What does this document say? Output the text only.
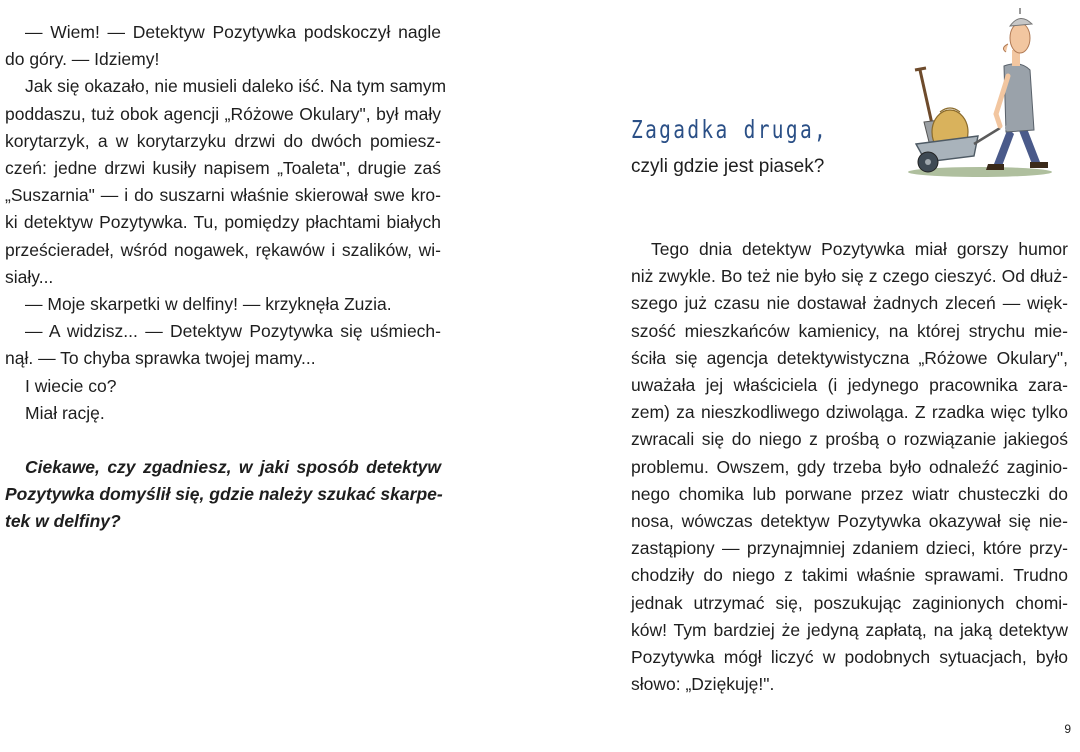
— Wiem! — Detektyw Pozytywka podskoczył nagle
do góry. — Idziemy!
Jak się okazało, nie musieli daleko iść. Na tym samym
poddaszu, tuż obok agencji „Różowe Okulary", był mały
korytarzyk, a w korytarzyku drzwi do dwóch pomiesz-
czeń: jedne drzwi kusiły napisem „Toaleta", drugie zaś
„Suszarnia" — i do suszarni właśnie skierował swe kro-
ki detektyw Pozytywka. Tu, pomiędzy płachtami białych
prześcieradeł, wśród nogawek, rękawów i szalików, wi-
siały...
— Moje skarpetki w delfiny! — krzyknęła Zuzia.
— A widzisz... — Detektyw Pozytywka się uśmiech-
nął. — To chyba sprawka twojej mamy...
I wiecie co?
Miał rację.

Ciekawe, czy zgadniesz, w jaki sposób detektyw
Pozytywka domyślił się, gdzie należy szukać skarpe-
tek w delfiny?

Zagadka druga,
czyli gdzie jest piasek?

Tego dnia detektyw Pozytywka miał gorszy humor
niż zwykle. Bo też nie było się z czego cieszyć. Od dłuż-
szego już czasu nie dostawał żadnych zleceń — więk-
szość mieszkańców kamienicy, na której strychu mie-
ściła się agencja detektywistyczna „Różowe Okulary",
uważała jej właściciela (i jedynego pracownika zara-
zem) za nieszkodliwego dziwoląga. Z rzadka więc tylko
zwracali się do niego z prośbą o rozwiązanie jakiegoś
problemu. Owszem, gdy trzeba było odnaleźć zaginio-
nego chomika lub porwane przez wiatr chusteczki do
nosa, wówczas detektyw Pozytywka okazywał się nie-
zastąpiony — przynajmniej zdaniem dzieci, które przy-
chodziły do niego z takimi właśnie sprawami. Trudno
jednak utrzymać się, poszukując zaginionych chomi-
ków! Tym bardziej że jedyną zapłatą, na jaką detektyw
Pozytywka mógł liczyć w podobnych sytuacjach, było
słowo: „Dziękuję!".

9
